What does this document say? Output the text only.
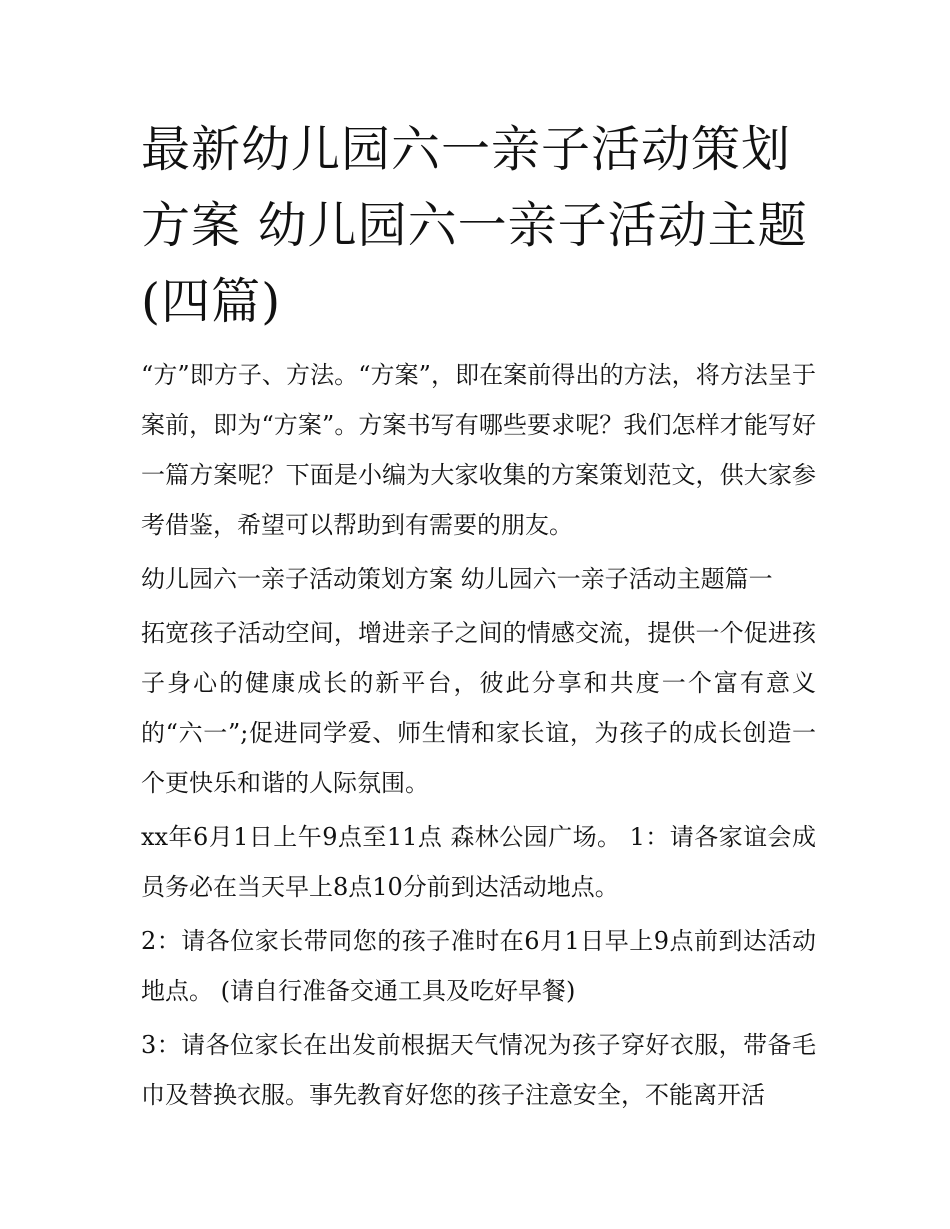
最新幼儿园六一亲子活动策划方案 幼儿园六一亲子活动主题(四篇)

“方”即方子、方法。“方案”，即在案前得出的方法，将方法呈于案前，即为“方案”。方案书写有哪些要求呢？我们怎样才能写好一篇方案呢？下面是小编为大家收集的方案策划范文，供大家参考借鉴，希望可以帮助到有需要的朋友。

幼儿园六一亲子活动策划方案 幼儿园六一亲子活动主题篇一

拓宽孩子活动空间，增进亲子之间的情感交流，提供一个促进孩子身心的健康成长的新平台，彼此分享和共度一个富有意义的“六一”;促进同学爱、师生情和家长谊，为孩子的成长创造一个更快乐和谐的人际氛围。

xx年6月1日上午9点至11点 森林公园广场。 1：请各家谊会成员务必在当天早上8点10分前到达活动地点。

2：请各位家长带同您的孩子准时在6月1日早上9点前到达活动地点。 (请自行准备交通工具及吃好早餐)

3：请各位家长在出发前根据天气情况为孩子穿好衣服，带备毛巾及替换衣服。事先教育好您的孩子注意安全，不能离开活
